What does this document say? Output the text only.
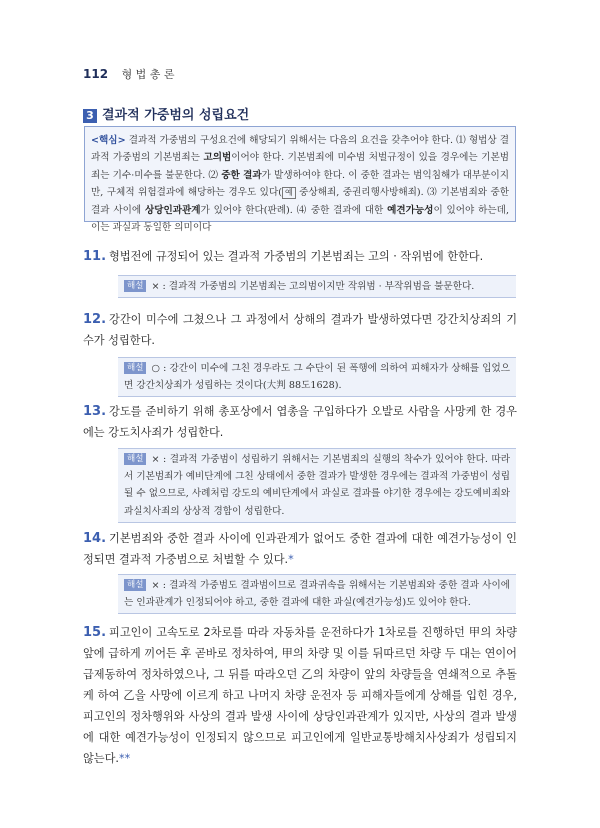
112 형 법 총 론
3 결과적 가중범의 성립요건
<핵심> 결과적 가중범의 구성요건에 해당되기 위해서는 다음의 요건을 갖추어야 한다. ⑴ 형법상 결과적 가중범의 기본범죄는 고의범이어야 한다. 기본범죄에 미수범 처벌규정이 있을 경우에는 기본범죄는 기수·미수를 불문한다. ⑵ 중한 결과가 발생하여야 한다. 이 중한 결과는 범익침해가 대부분이지만, 구체적 위험결과에 해당하는 경우도 있다( 예 중상해죄, 중권리행사방해죄). ⑶ 기본범죄와 중한 결과 사이에 상당인과관계가 있어야 한다(판례). ⑷ 중한 결과에 대한 예견가능성이 있어야 하는데, 이는 과실과 동일한 의미이다
11. 형법전에 규정되어 있는 결과적 가중범의 기본범죄는 고의 · 작위범에 한한다.
해설 × : 결과적 가중범의 기본범죄는 고의범이지만 작위범 · 부작위범을 불문한다.
12. 강간이 미수에 그쳤으나 그 과정에서 상해의 결과가 발생하였다면 강간치상죄의 기수가 성립한다.
해설 ○ : 강간이 미수에 그친 경우라도 그 수단이 된 폭행에 의하여 피해자가 상해를 입었으면 강간치상죄가 성립하는 것이다(大判 88도1628).
13. 강도를 준비하기 위해 총포상에서 엽총을 구입하다가 오발로 사람을 사망케 한 경우에는 강도치사죄가 성립한다.
해설 × : 결과적 가중범이 성립하기 위해서는 기본범죄의 실행의 착수가 있어야 한다. 따라서 기본범죄가 예비단계에 그친 상태에서 중한 결과가 발생한 경우에는 결과적 가중범이 성립될 수 없으므로, 사례처럼 강도의 예비단계에서 과실로 결과를 야기한 경우에는 강도예비죄와 과실치사죄의 상상적 경합이 성립한다.
14. 기본범죄와 중한 결과 사이에 인과관계가 없어도 중한 결과에 대한 예견가능성이 인정되면 결과적 가중범으로 처벌할 수 있다.*
해설 × : 결과적 가중범도 결과범이므로 결과귀속을 위해서는 기본범죄와 중한 결과 사이에는 인과관계가 인정되어야 하고, 중한 결과에 대한 과실(예견가능성)도 있어야 한다.
15. 피고인이 고속도로 2차로를 따라 자동차를 운전하다가 1차로를 진행하던 甲의 차량 앞에 급하게 끼어든 후 곧바로 정차하여, 甲의 차량 및 이를 뒤따르던 차량 두 대는 연이어 급제동하여 정차하였으나, 그 뒤를 따라오던 乙의 차량이 앞의 차량들을 연쇄적으로 추돌케 하여 乙을 사망에 이르게 하고 나머지 차량 운전자 등 피해자들에게 상해를 입힌 경우, 피고인의 정차행위와 사상의 결과 발생 사이에 상당인과관계가 있지만, 사상의 결과 발생에 대한 예견가능성이 인정되지 않으므로 피고인에게 일반교통방해치사상죄가 성립되지 않는다.**
